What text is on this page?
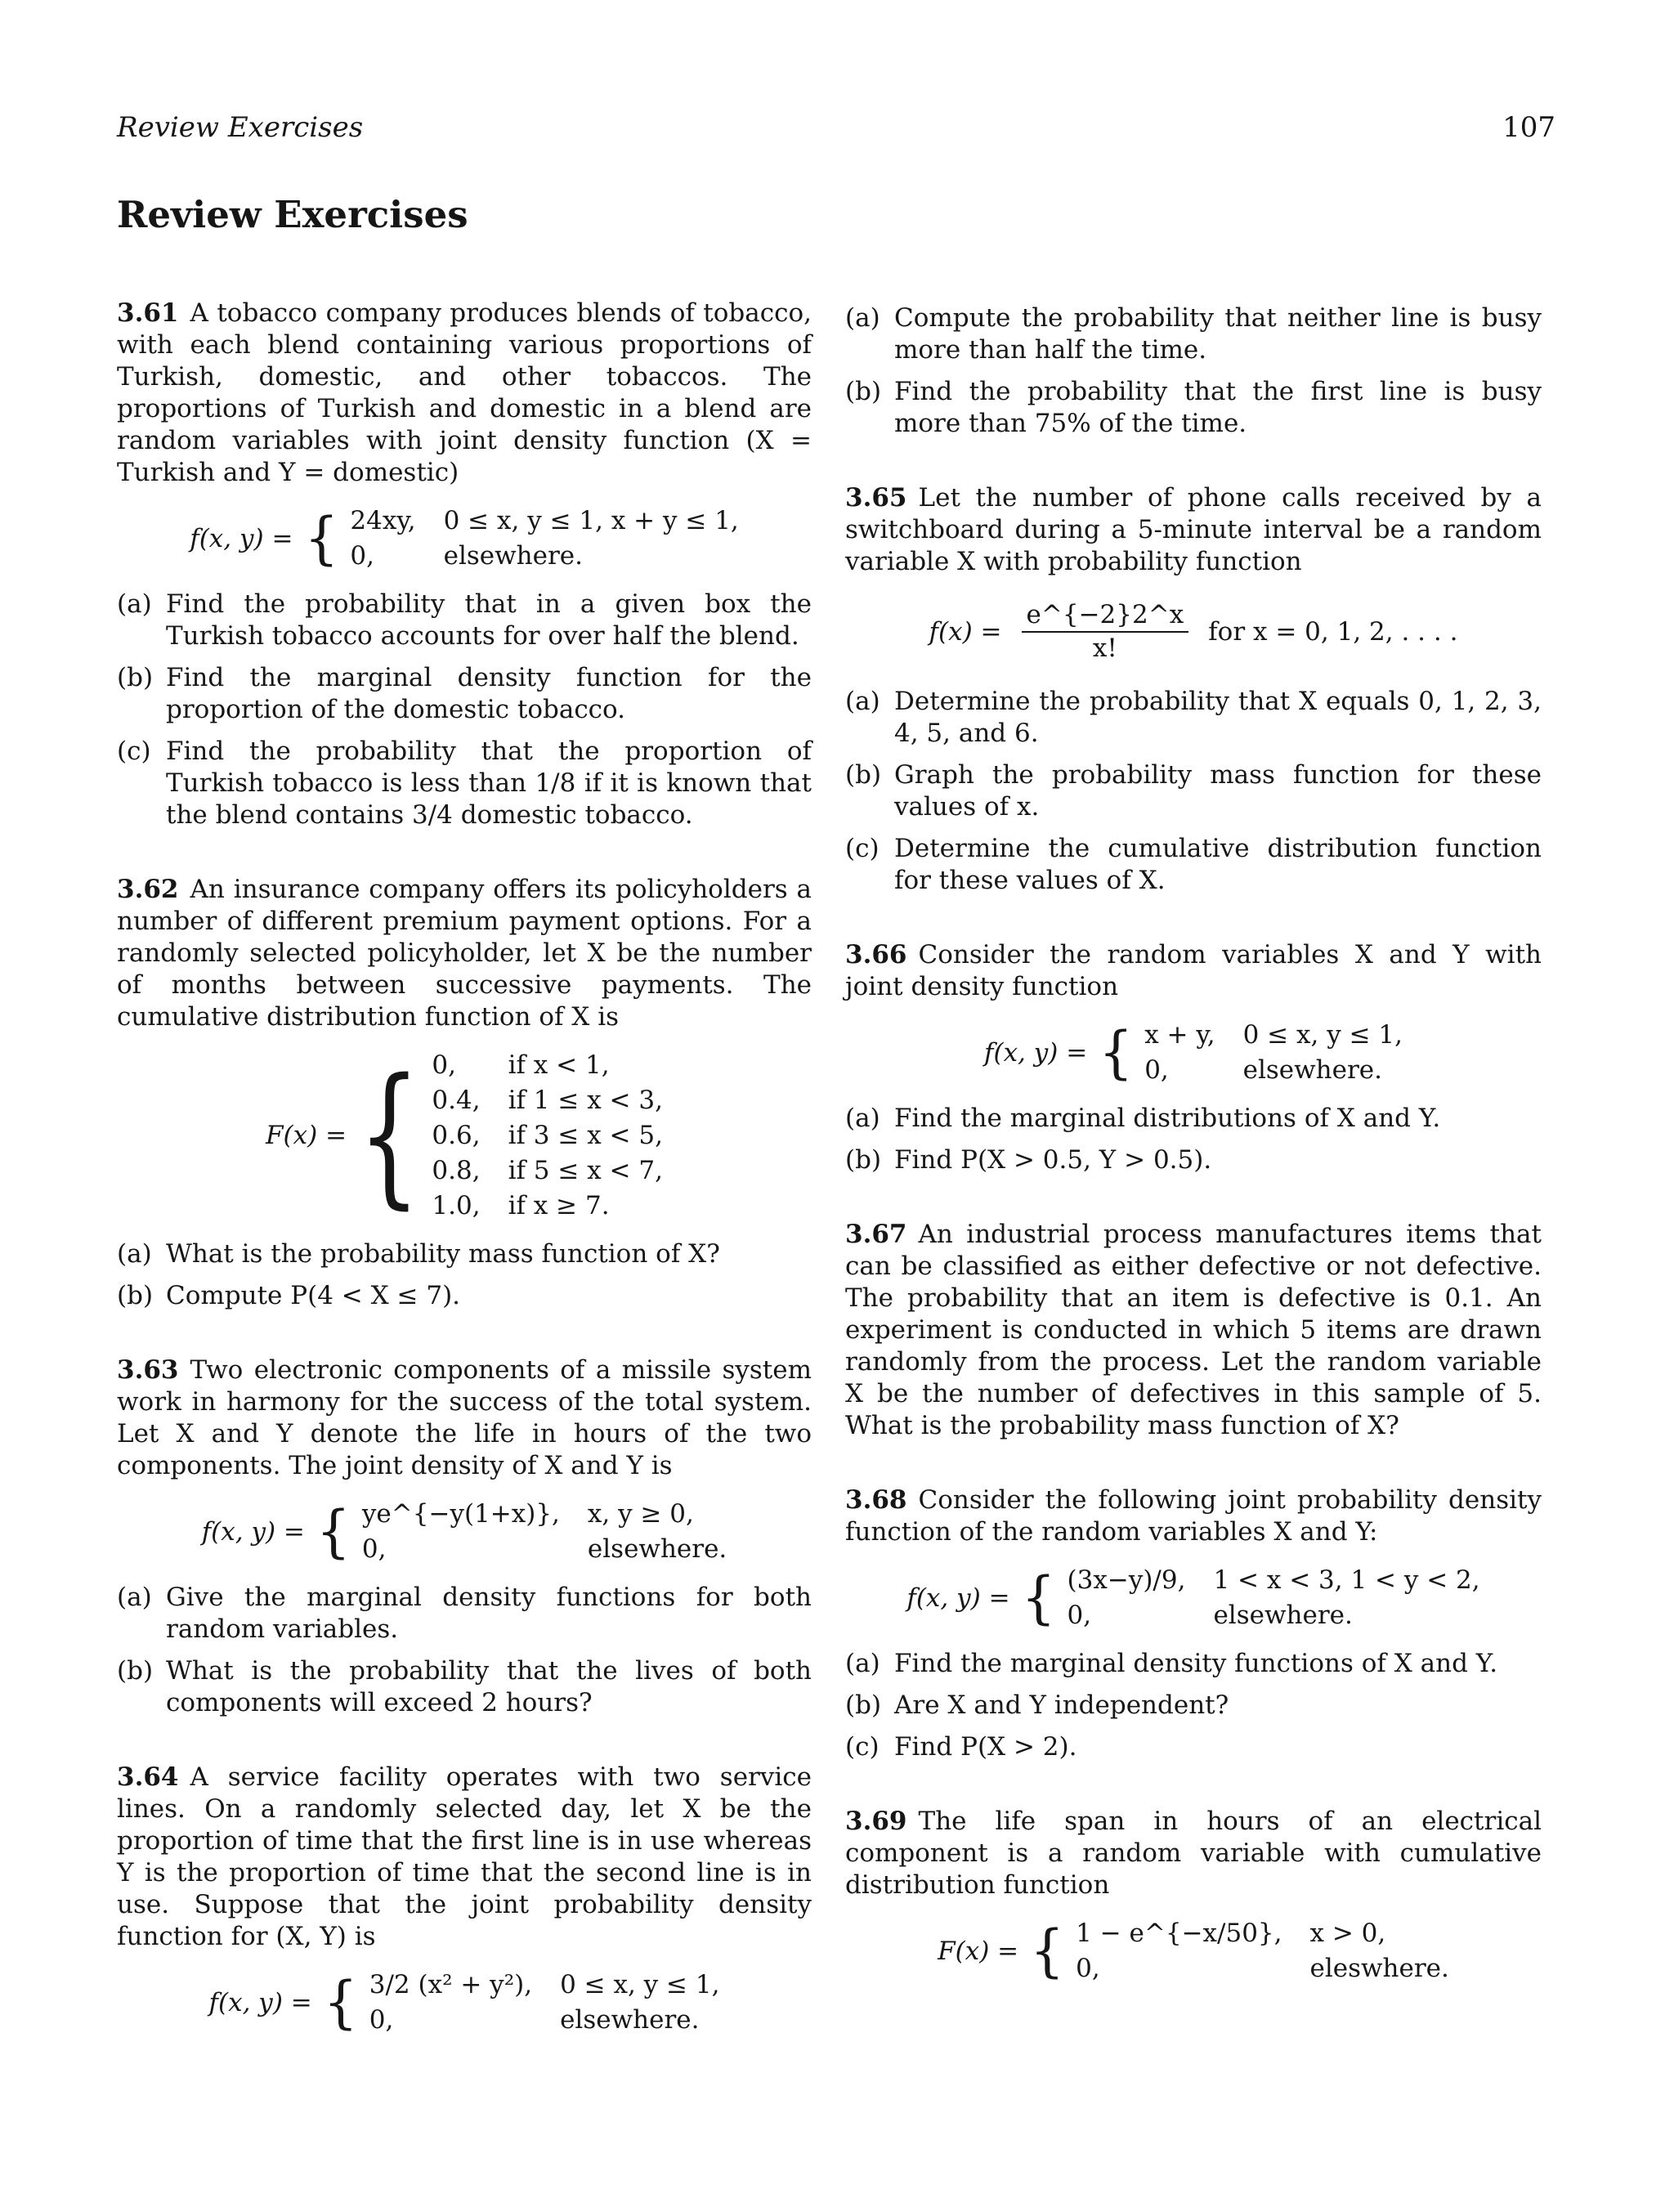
Review Exercises	107
Review Exercises

3.61 A tobacco company produces blends of tobacco, with each blend containing various proportions of Turkish, domestic, and other tobaccos. The proportions of Turkish and domestic in a blend are random variables with joint density function (X = Turkish and Y = domestic)

f(x, y) = { 24xy, 0 ≤ x, y ≤ 1, x + y ≤ 1,
0,	elsewhere.
(a) Find the probability that in a given box the Turkish tobacco accounts for over half the blend.
(b) Find the marginal density function for the proportion of the domestic tobacco.
(c) Find the probability that the proportion of Turkish tobacco is less than 1/8 if it is known that the blend contains 3/4 domestic tobacco.

3.62 An insurance company offers its policyholders a number of different premium payment options. For a randomly selected policyholder, let X be the number of months between successive payments. The cumulative distribution function of X is

F(x) = { 0,	if x < 1,
0.4, if 1 ≤ x < 3,
0.6, if 3 ≤ x < 5,
0.8, if 5 ≤ x < 7,
1.0, if x ≥ 7.
(a) What is the probability mass function of X?
(b) Compute P(4 < X ≤ 7).

3.63 Two electronic components of a missile system work in harmony for the success of the total system. Let X and Y denote the life in hours of the two components. The joint density of X and Y is

f(x, y) = { ye^{−y(1+x)}, x, y ≥ 0,
0,	elsewhere.
(a) Give the marginal density functions for both random variables.
(b) What is the probability that the lives of both components will exceed 2 hours?

3.64 A service facility operates with two service lines. On a randomly selected day, let X be the proportion of time that the first line is in use whereas Y is the proportion of time that the second line is in use. Suppose that the joint probability density function for (X, Y) is

f(x, y) = { 3/2 (x² + y²), 0 ≤ x, y ≤ 1,
0,	elsewhere.
(a) Compute the probability that neither line is busy more than half the time.
(b) Find the probability that the first line is busy more than 75% of the time.

3.65 Let the number of phone calls received by a switchboard during a 5-minute interval be a random variable X with probability function

$f(x) = \frac{e\^{}\{-2\}2\^{}x}{x!}$ for x = 0, 1, 2, . . . .
(a) Determine the probability that X equals 0, 1, 2, 3, 4, 5, and 6.
(b) Graph the probability mass function for these values of x.
(c) Determine the cumulative distribution function for these values of X.

3.66 Consider the random variables X and Y with joint density function

f(x, y) = { x + y, 0 ≤ x, y ≤ 1,
0,	elsewhere.
(a) Find the marginal distributions of X and Y.
(b) Find P(X > 0.5, Y > 0.5).

3.67 An industrial process manufactures items that can be classified as either defective or not defective. The probability that an item is defective is 0.1. An experiment is conducted in which 5 items are drawn randomly from the process. Let the random variable X be the number of defectives in this sample of 5. What is the probability mass function of X?

3.68 Consider the following joint probability density function of the random variables X and Y:

f(x, y) = { (3x−y)/9, 1 < x < 3, 1 < y < 2,
0,	elsewhere.
(a) Find the marginal density functions of X and Y.
(b) Are X and Y independent?
(c) Find P(X > 2).

3.69 The life span in hours of an electrical component is a random variable with cumulative distribution function

F(x) = { 1 − e^{−x/50}, x > 0,
0,	eleswhere.
